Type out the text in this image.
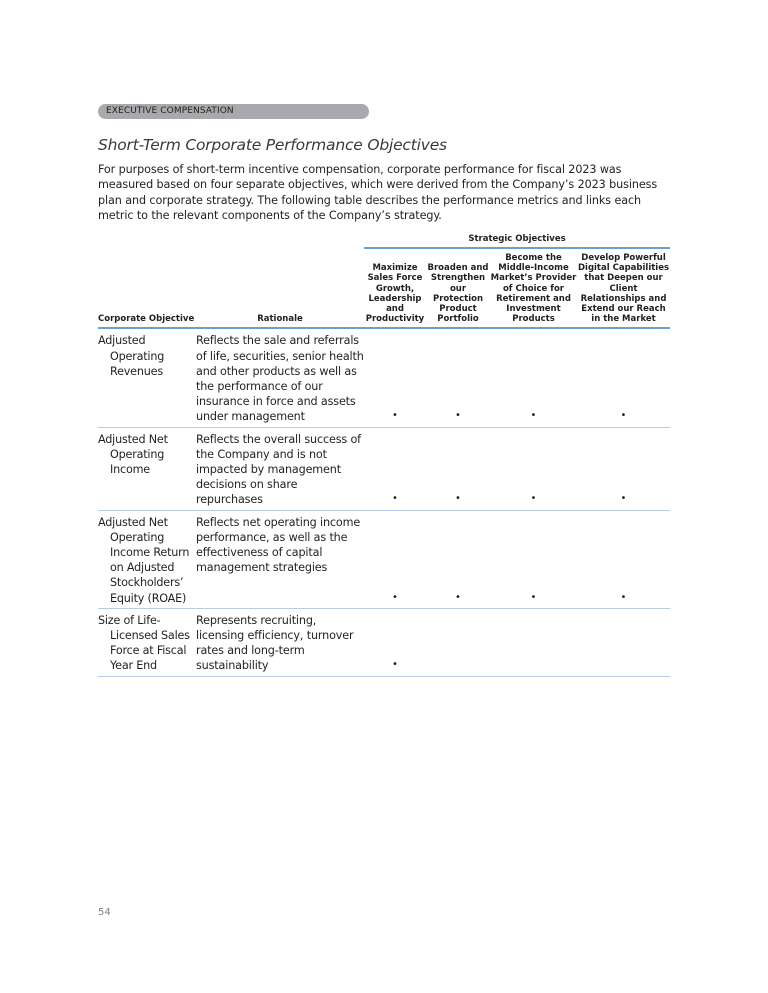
EXECUTIVE COMPENSATION
Short-Term Corporate Performance Objectives

For purposes of short-term incentive compensation, corporate performance for fiscal 2023 was measured based on four separate objectives, which were derived from the Company’s 2023 business plan and corporate strategy. The following table describes the performance metrics and links each metric to the relevant components of the Company’s strategy.

		Strategic Objectives			
Corporate Objective	Rationale	Maximize Sales Force Growth, Leadership and Productivity	Broaden and Strengthen our Protection Product Portfolio	Become the Middle-Income Market’s Provider of Choice for Retirement and Investment Products	Develop Powerful Digital Capabilities that Deepen our Client Relationships and Extend our Reach in the Market
Adjusted Operating Revenues	Reflects the sale and referrals of life, securities, senior health and other products as well as the performance of our insurance in force and assets under management	•	•	•	•
Adjusted Net Operating Income	Reflects the overall success of the Company and is not impacted by management decisions on share repurchases	•	•	•	•
Adjusted Net Operating Income Return on Adjusted Stockholders’ Equity (ROAE)	Reflects net operating income performance, as well as the effectiveness of capital management strategies	•	•	•	•
Size of Life-Licensed Sales Force at Fiscal Year End	Represents recruiting, licensing efficiency, turnover rates and long-term sustainability	•			
54
